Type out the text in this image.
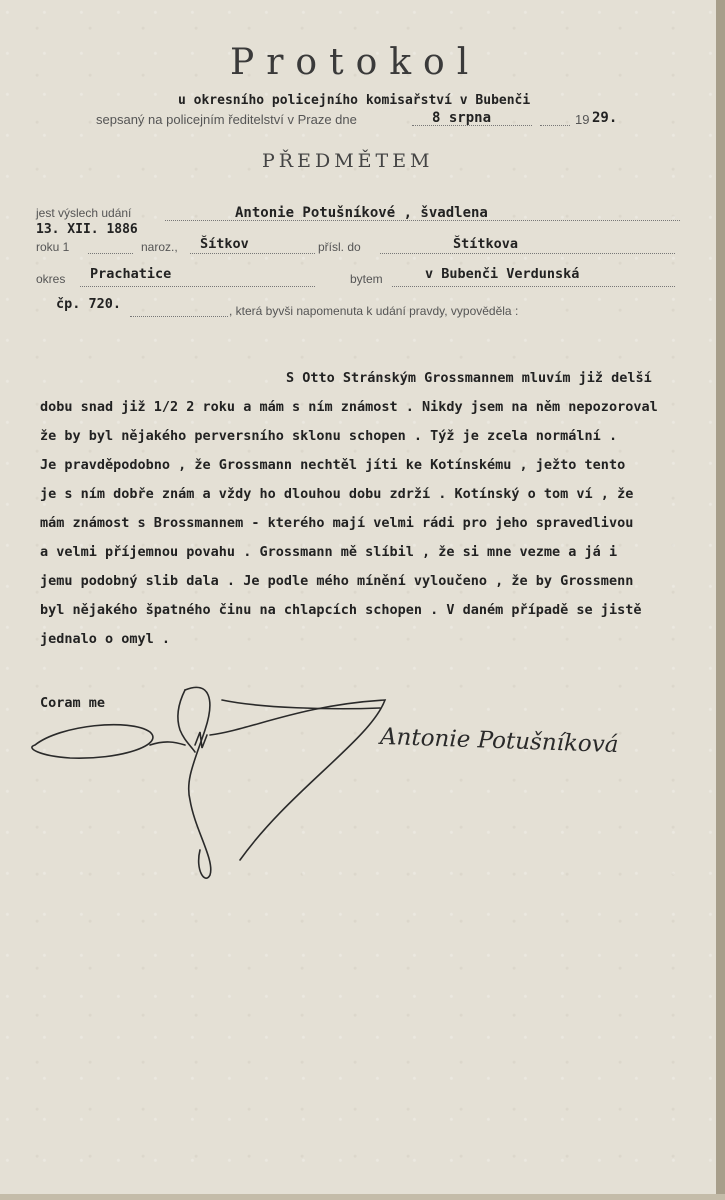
Protokol
u okresního policejního komisařství v Bubenči
sepsaný na policejním ředitelství v Praze dne	8 srpna	19 29.
PŘEDMĚTEM
jest výslech udání	Antonie Potušníkové , švadlena
13. XII. 1886
roku 1	naroz., Šítkov	přísl. do	Štítkova
okres Prachatice	bytem	v Bubenči Verdunská
čp. 720.	, která byvši napomenuta k udání pravdy, vypověděla :
S Otto Stránským Grossmannem mluvím již delší
dobu snad již 1/2 2 roku a mám s ním známost . Nikdy jsem na něm nepozoroval
že by byl nějakého perversního sklonu schopen . Týž je zcela normální .
Je pravděpodobno , že Grossmann nechtěl jíti ke Kotínskému , ježto tento
je s ním dobře znám a vždy ho dlouhou dobu zdrží . Kotínský o tom ví , že
mám známost s Brossmannem - kterého mají velmi rádi pro jeho spravedlivou
a velmi příjemnou povahu . Grossmann mě slíbil , že si mne vezme a já i
jemu podobný slib dala . Je podle mého mínění vyloučeno , že by Grossmenn
byl nějakého špatného činu na chlapcích schopen . V daném případě se jistě
jednalo o omyl .
Coram me
Antonie Potušníková
